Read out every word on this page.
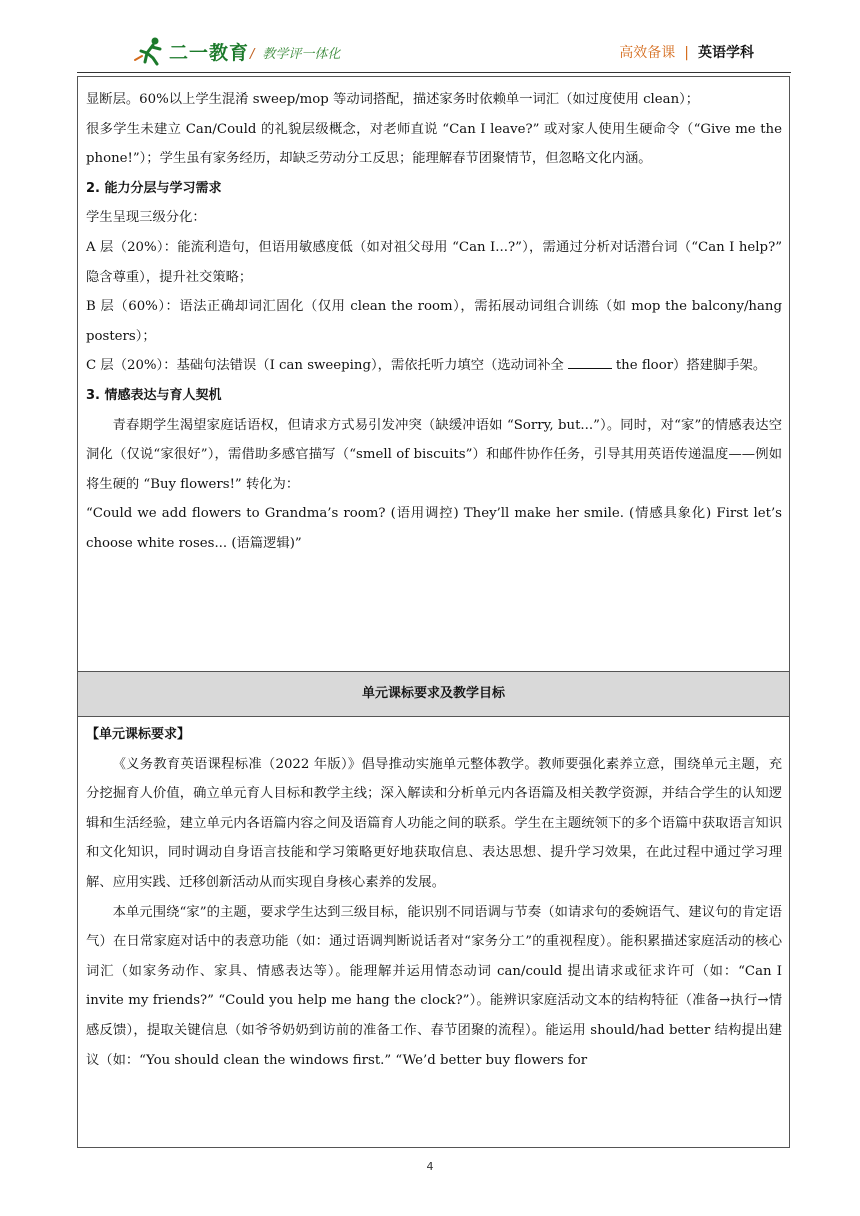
二一教育 / 教学评一体化	高效备课 | 英语学科

显断层。60%以上学生混淆 sweep/mop 等动词搭配，描述家务时依赖单一词汇（如过度使用 clean）；

很多学生未建立 Can/Could 的礼貌层级概念，对老师直说 “Can I leave?” 或对家人使用生硬命令（“Give me the phone!”）；学生虽有家务经历，却缺乏劳动分工反思；能理解春节团聚情节，但忽略文化内涵。

2. 能力分层与学习需求

学生呈现三级分化：

A 层（20%）：能流利造句，但语用敏感度低（如对祖父母用 “Can I...?”），需通过分析对话潜台词（“Can I help?” 隐含尊重），提升社交策略；

B 层（60%）：语法正确却词汇固化（仅用 clean the room），需拓展动词组合训练（如 mop the balcony/hang posters）；

C 层（20%）：基础句法错误（I can sweeping），需依托听力填空（选动词补全	the floor）搭建脚手架。

3. 情感表达与育人契机

青春期学生渴望家庭话语权，但请求方式易引发冲突（缺缓冲语如 “Sorry, but...”）。同时，对“家”的情感表达空洞化（仅说“家很好”），需借助多感官描写（“smell of biscuits”）和邮件协作任务，引导其用英语传递温度——例如将生硬的 “Buy flowers!” 转化为：

“Could we add flowers to Grandma’s room? (语用调控) They’ll make her smile. (情感具象化) First let’s choose white roses... (语篇逻辑)”

单元课标要求及教学目标

【单元课标要求】

《义务教育英语课程标准（2022 年版）》倡导推动实施单元整体教学。教师要强化素养立意，围绕单元主题，充分挖掘育人价值，确立单元育人目标和教学主线；深入解读和分析单元内各语篇及相关教学资源，并结合学生的认知逻辑和生活经验，建立单元内各语篇内容之间及语篇育人功能之间的联系。学生在主题统领下的多个语篇中获取语言知识和文化知识，同时调动自身语言技能和学习策略更好地获取信息、表达思想、提升学习效果，在此过程中通过学习理解、应用实践、迁移创新活动从而实现自身核心素养的发展。

本单元围绕“家”的主题，要求学生达到三级目标，能识别不同语调与节奏（如请求句的委婉语气、建议句的肯定语气）在日常家庭对话中的表意功能（如：通过语调判断说话者对“家务分工”的重视程度）。能积累描述家庭活动的核心词汇（如家务动作、家具、情感表达等）。能理解并运用情态动词 can/could 提出请求或征求许可（如：“Can I invite my friends?” “Could you help me hang the clock?”）。能辨识家庭活动文本的结构特征（准备→执行→情感反馈），提取关键信息（如爷爷奶奶到访前的准备工作、春节团聚的流程）。能运用 should/had better 结构提出建议（如：“You should clean the windows first.” “We’d better buy flowers for

4
